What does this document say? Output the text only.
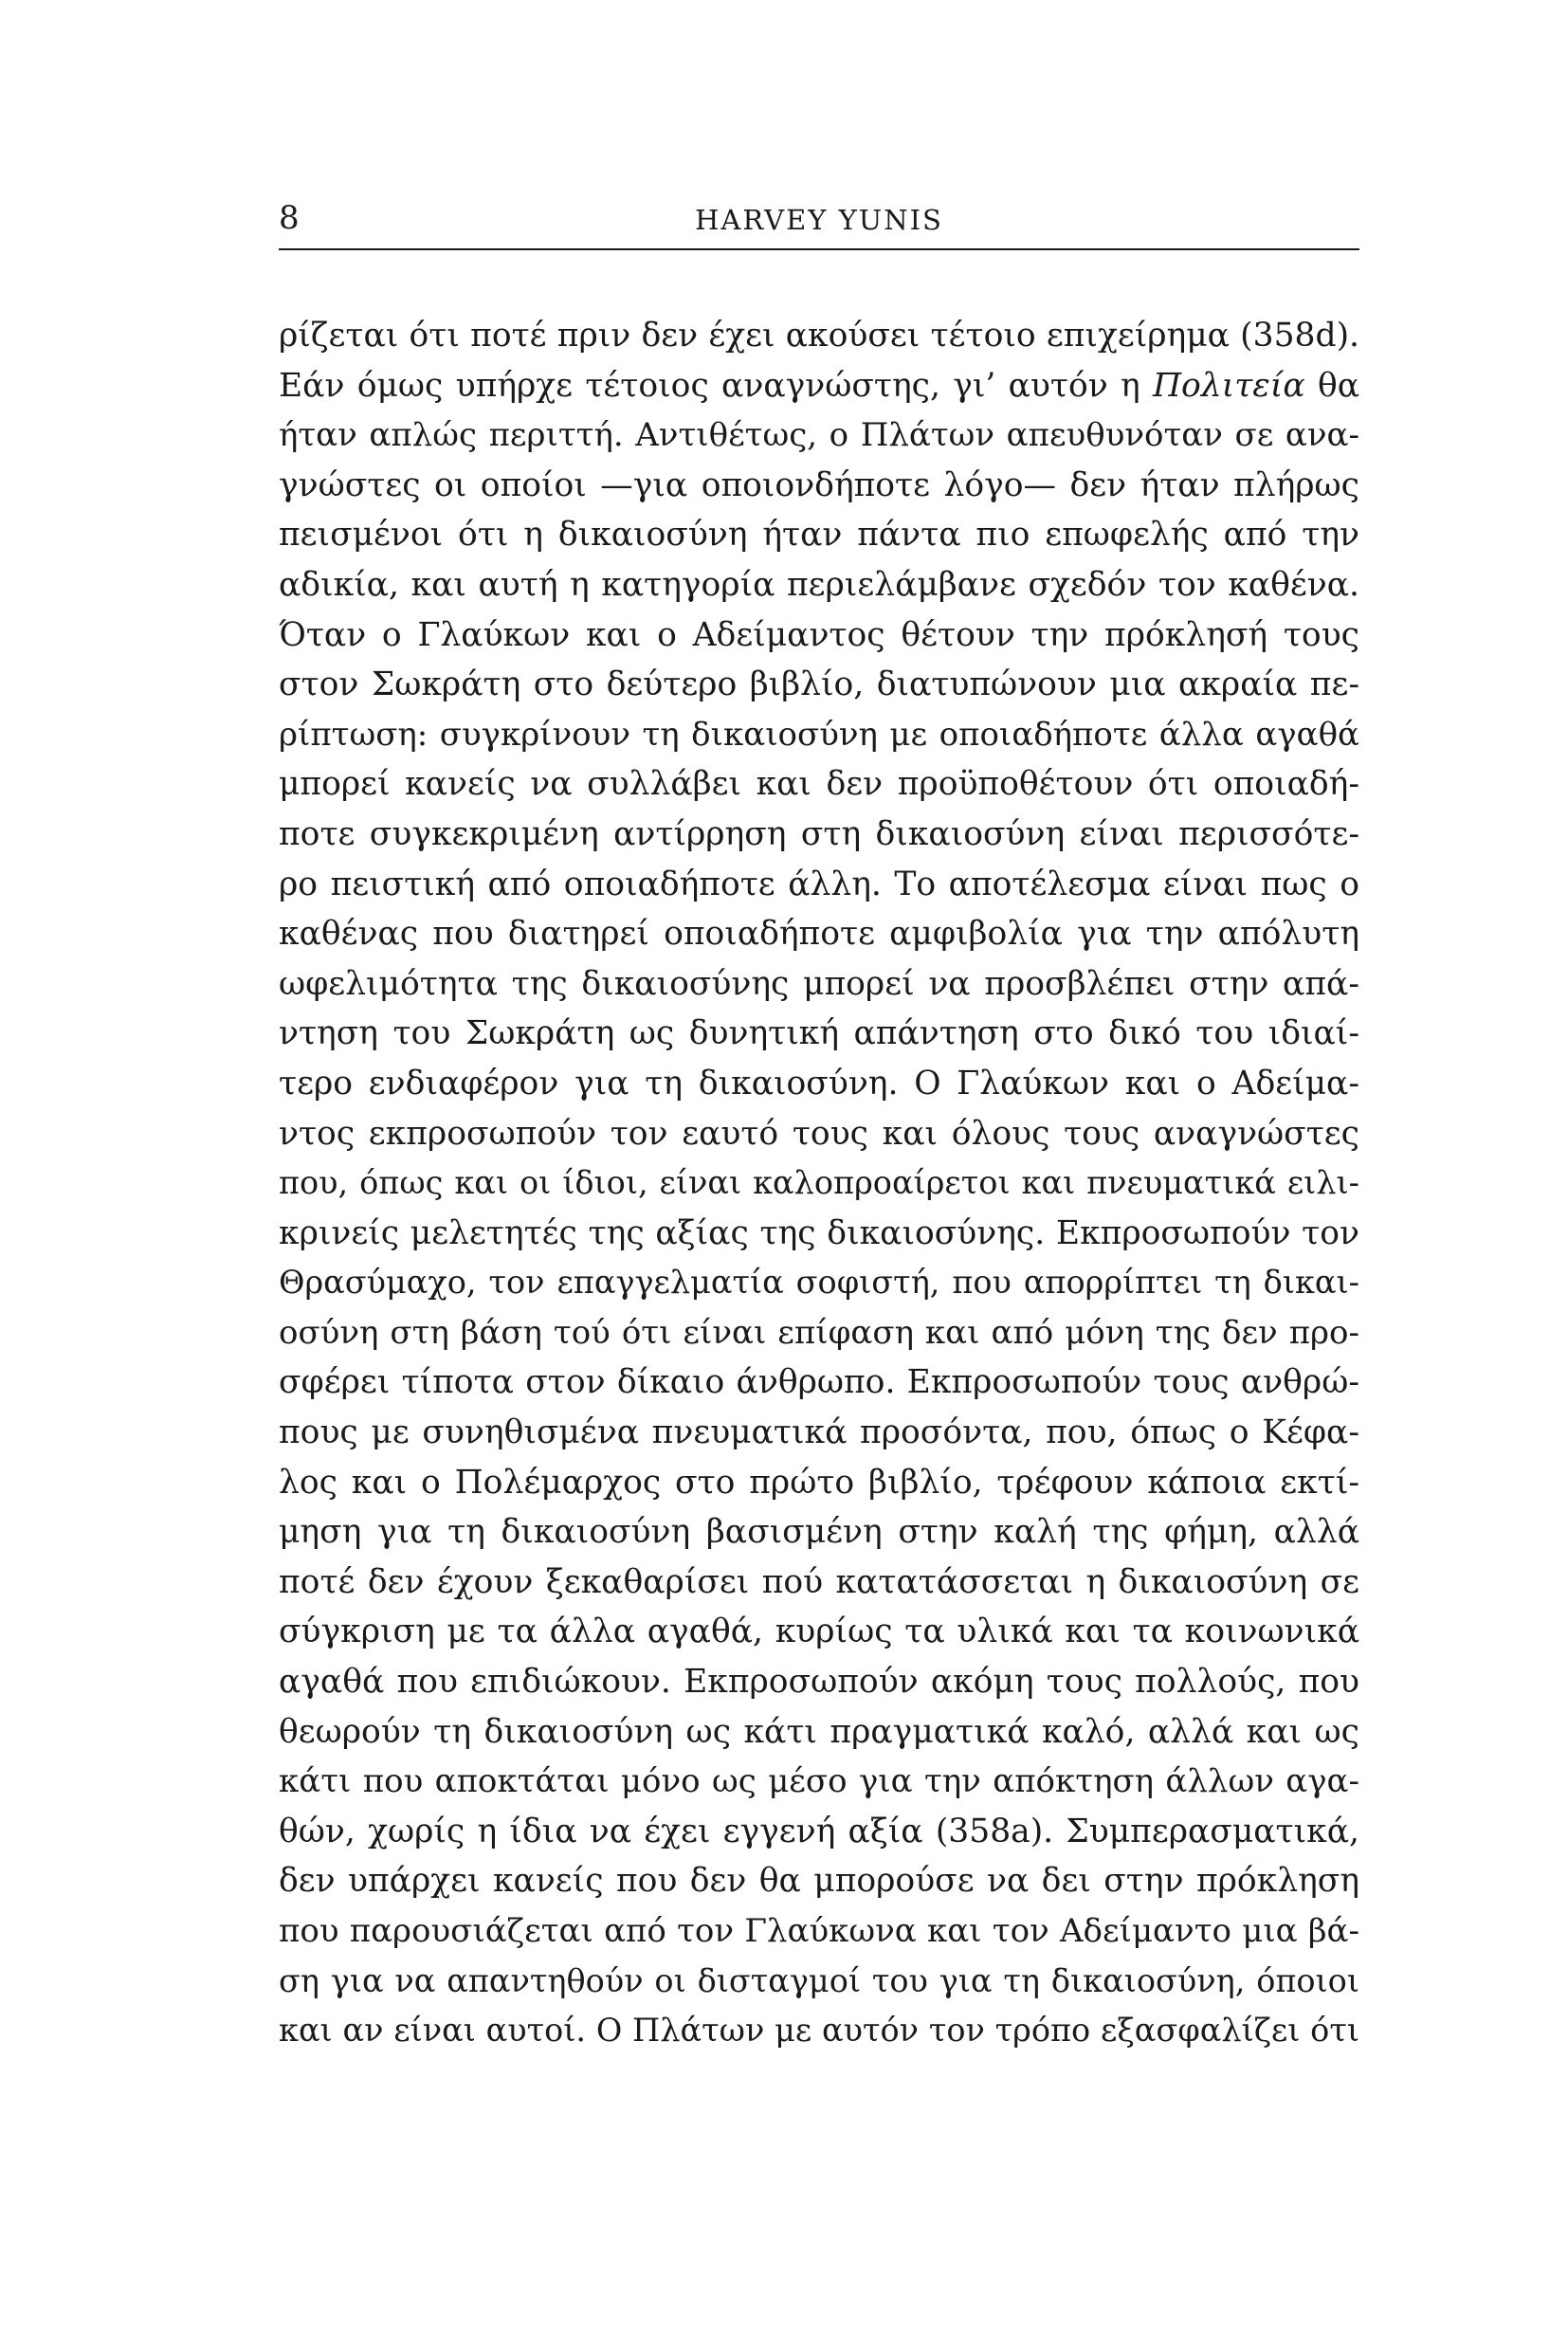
8	HARVEY YUNIS
ρίζεται ότι ποτέ πριν δεν έχει ακούσει τέτοιο επιχείρημα (358d).
Εάν όμως υπήρχε τέτοιος αναγνώστης, γι’ αυτόν η Πολιτεία θα
ήταν απλώς περιττή. Αντιθέτως, ο Πλάτων απευθυνόταν σε ανα-
γνώστες οι οποίοι —για οποιονδήποτε λόγο— δεν ήταν πλήρως
πεισμένοι ότι η δικαιοσύνη ήταν πάντα πιο επωφελής από την
αδικία, και αυτή η κατηγορία περιελάμβανε σχεδόν τον καθένα.
Όταν ο Γλαύκων και ο Αδείμαντος θέτουν την πρόκλησή τους
στον Σωκράτη στο δεύτερο βιβλίο, διατυπώνουν μια ακραία πε-
ρίπτωση: συγκρίνουν τη δικαιοσύνη με οποιαδήποτε άλλα αγαθά
μπορεί κανείς να συλλάβει και δεν προϋποθέτουν ότι οποιαδή-
ποτε συγκεκριμένη αντίρρηση στη δικαιοσύνη είναι περισσότε-
ρο πειστική από οποιαδήποτε άλλη. Το αποτέλεσμα είναι πως ο
καθένας που διατηρεί οποιαδήποτε αμφιβολία για την απόλυτη
ωφελιμότητα της δικαιοσύνης μπορεί να προσβλέπει στην απά-
ντηση του Σωκράτη ως δυνητική απάντηση στο δικό του ιδιαί-
τερο ενδιαφέρον για τη δικαιοσύνη. Ο Γλαύκων και ο Αδείμα-
ντος εκπροσωπούν τον εαυτό τους και όλους τους αναγνώστες
που, όπως και οι ίδιοι, είναι καλοπροαίρετοι και πνευματικά ειλι-
κρινείς μελετητές της αξίας της δικαιοσύνης. Εκπροσωπούν τον
Θρασύμαχο, τον επαγγελματία σοφιστή, που απορρίπτει τη δικαι-
οσύνη στη βάση τού ότι είναι επίφαση και από μόνη της δεν προ-
σφέρει τίποτα στον δίκαιο άνθρωπο. Εκπροσωπούν τους ανθρώ-
πους με συνηθισμένα πνευματικά προσόντα, που, όπως ο Κέφα-
λος και ο Πολέμαρχος στο πρώτο βιβλίο, τρέφουν κάποια εκτί-
μηση για τη δικαιοσύνη βασισμένη στην καλή της φήμη, αλλά
ποτέ δεν έχουν ξεκαθαρίσει πού κατατάσσεται η δικαιοσύνη σε
σύγκριση με τα άλλα αγαθά, κυρίως τα υλικά και τα κοινωνικά
αγαθά που επιδιώκουν. Εκπροσωπούν ακόμη τους πολλούς, που
θεωρούν τη δικαιοσύνη ως κάτι πραγματικά καλό, αλλά και ως
κάτι που αποκτάται μόνο ως μέσο για την απόκτηση άλλων αγα-
θών, χωρίς η ίδια να έχει εγγενή αξία (358a). Συμπερασματικά,
δεν υπάρχει κανείς που δεν θα μπορούσε να δει στην πρόκληση
που παρουσιάζεται από τον Γλαύκωνα και τον Αδείμαντο μια βά-
ση για να απαντηθούν οι δισταγμοί του για τη δικαιοσύνη, όποιοι
και αν είναι αυτοί. Ο Πλάτων με αυτόν τον τρόπο εξασφαλίζει ότι
